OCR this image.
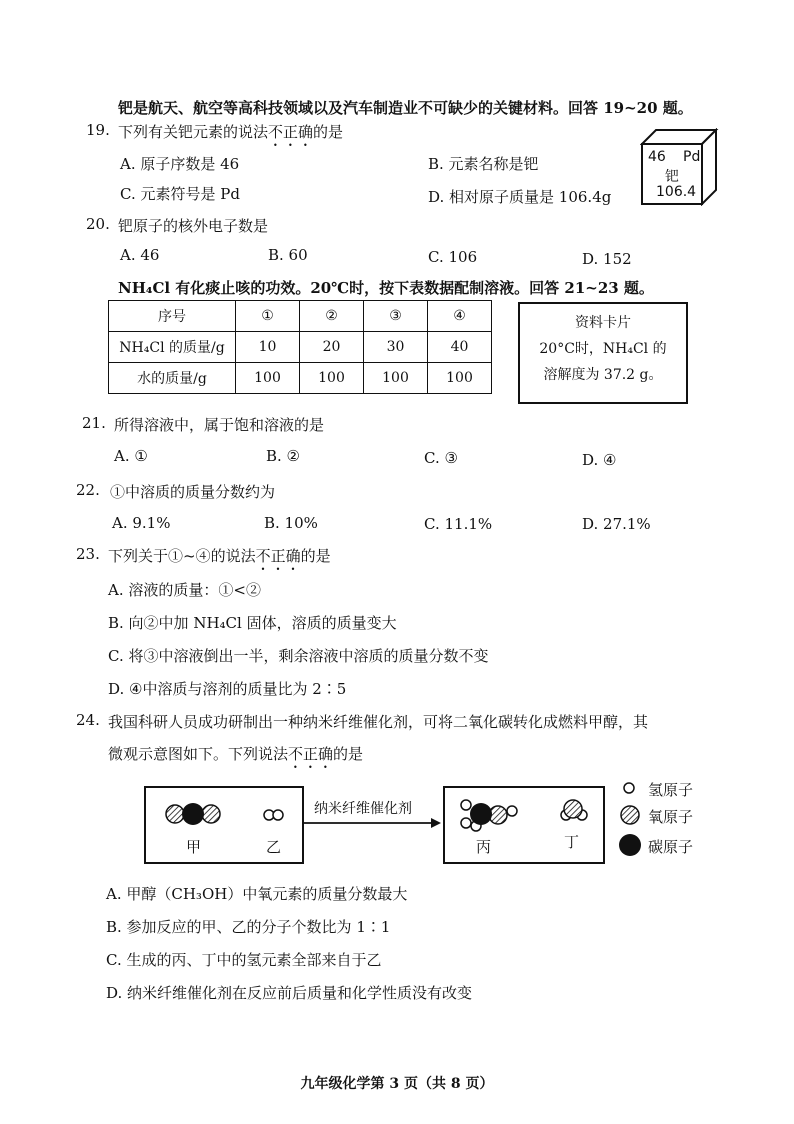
钯是航天、航空等高科技领域以及汽车制造业不可缺少的关键材料。回答 19~20 题。
19. 下列有关钯元素的说法不正确的是
A. 原子序数是 46	B. 元素名称是钯
C. 元素符号是 Pd	D. 相对原子质量是 106.4g
46 Pd
钯
106.4
20. 钯原子的核外电子数是
A. 46	B. 60	C. 106	D. 152
NH₄Cl 有化痰止咳的功效。20℃时，按下表数据配制溶液。回答 21~23 题。
序号	①	②	③	④
NH₄Cl 的质量/g	10	20	30	40
水的质量/g	100	100	100	100
资料卡片
20°C时，NH₄Cl 的
溶解度为 37.2 g。
21. 所得溶液中，属于饱和溶液的是
A. ①	B. ②	C. ③	D. ④
22. ①中溶质的质量分数约为
A. 9.1%	B. 10%	C. 11.1%	D. 27.1%
23. 下列关于①~④的说法不正确的是
A. 溶液的质量：①<②
B. 向②中加 NH₄Cl 固体，溶质的质量变大
C. 将③中溶液倒出一半，剩余溶液中溶质的质量分数不变
D. ④中溶质与溶剂的质量比为 2∶5
24. 我国科研人员成功研制出一种纳米纤维催化剂，可将二氧化碳转化成燃料甲醇，其
微观示意图如下。下列说法不正确的是
纳米纤维催化剂
甲	乙	丙	丁
氢原子
氧原子
碳原子
A. 甲醇（CH₃OH）中氧元素的质量分数最大
B. 参加反应的甲、乙的分子个数比为 1∶1
C. 生成的丙、丁中的氢元素全部来自于乙
D. 纳米纤维催化剂在反应前后质量和化学性质没有改变
九年级化学第 3 页（共 8 页）
